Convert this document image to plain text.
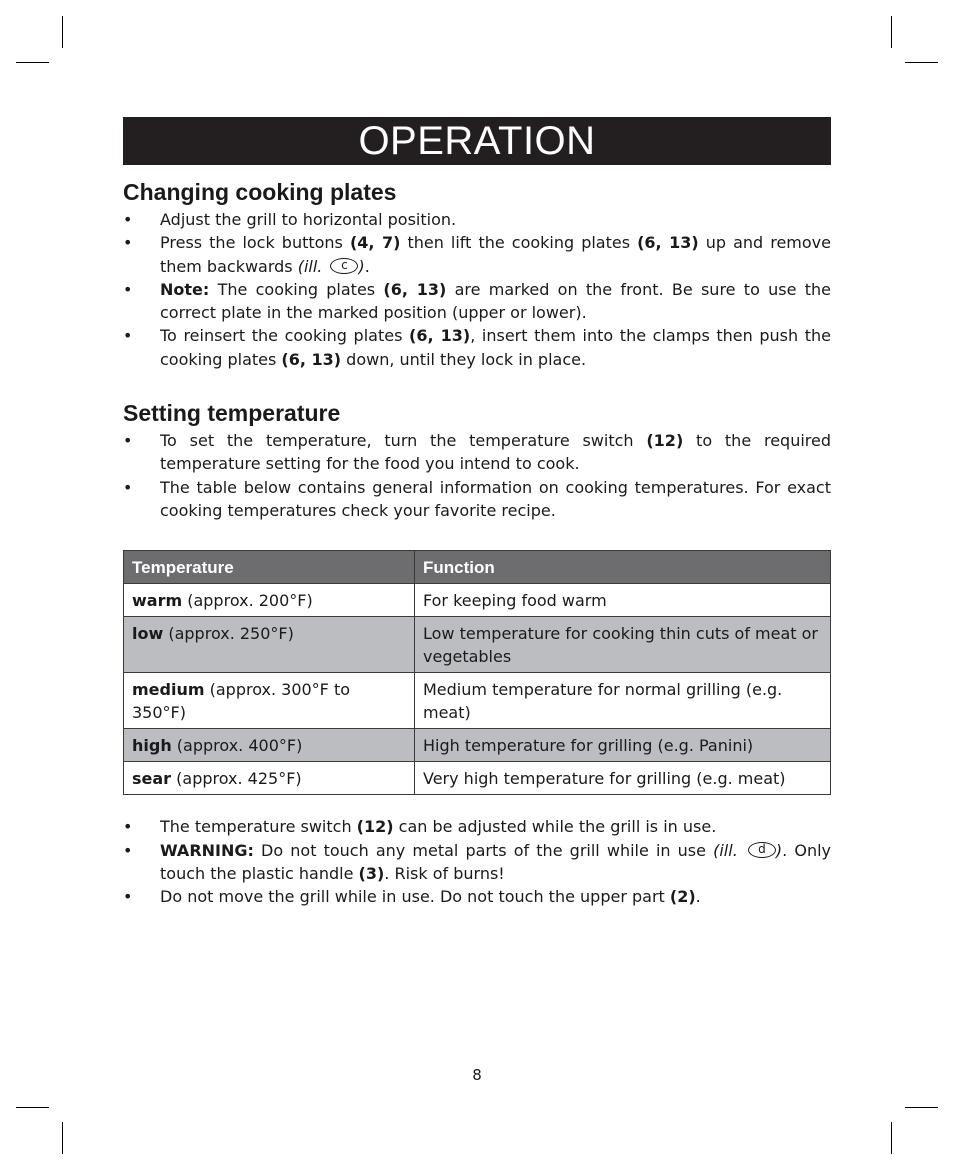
OPERATION
Changing cooking plates
• Adjust the grill to horizontal position.
• Press the lock buttons (4, 7) then lift the cooking plates (6, 13) up and remove them backwards (ill. c ).
• Note: The cooking plates (6, 13) are marked on the front. Be sure to use the correct plate in the marked position (upper or lower).
• To reinsert the cooking plates (6, 13), insert them into the clamps then push the cooking plates (6, 13) down, until they lock in place.
Setting temperature
• To set the temperature, turn the temperature switch (12) to the required temperature setting for the food you intend to cook.
• The table below contains general information on cooking temperatures. For exact cooking temperatures check your favorite recipe.
Temperature	Function
warm (approx. 200°F)	For keeping food warm
low (approx. 250°F)	Low temperature for cooking thin cuts of meat or vegetables
medium (approx. 300°F to 350°F)	Medium temperature for normal grilling (e.g. meat)
high (approx. 400°F)	High temperature for grilling (e.g. Panini)
sear (approx. 425°F)	Very high temperature for grilling (e.g. meat)
• The temperature switch (12) can be adjusted while the grill is in use.
• WARNING: Do not touch any metal parts of the grill while in use (ill. d ). Only touch the plastic handle (3). Risk of burns!
• Do not move the grill while in use. Do not touch the upper part (2).
8
